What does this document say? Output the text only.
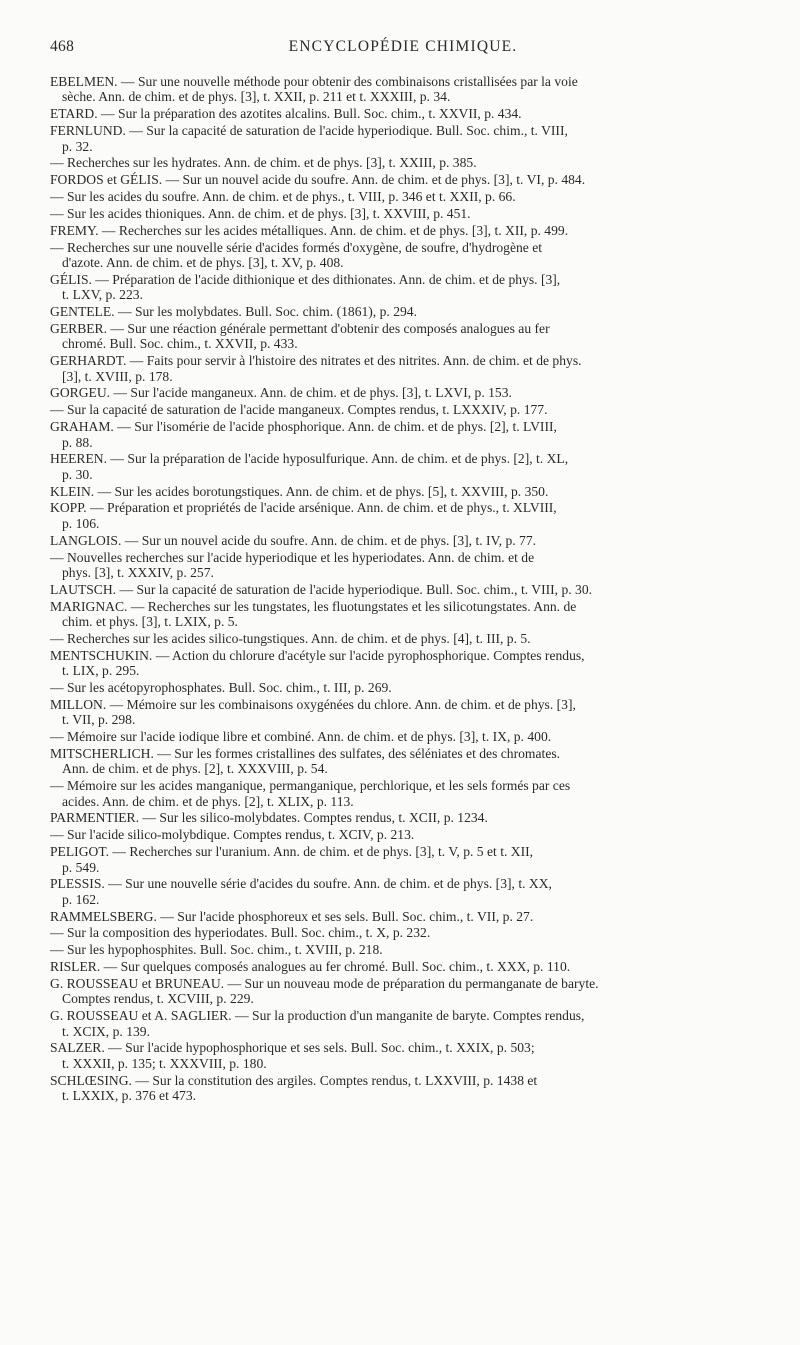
468	ENCYCLOPÉDIE CHIMIQUE.
EBELMEN. — Sur une nouvelle méthode pour obtenir des combinaisons cristallisées par la voie
sèche. Ann. de chim. et de phys. [3], t. XXII, p. 211 et t. XXXIII, p. 34.
ETARD. — Sur la préparation des azotites alcalins. Bull. Soc. chim., t. XXVII, p. 434.
FERNLUND. — Sur la capacité de saturation de l'acide hyperiodique. Bull. Soc. chim., t. VIII,
p. 32.
— Recherches sur les hydrates. Ann. de chim. et de phys. [3], t. XXIII, p. 385.
FORDOS et GÉLIS. — Sur un nouvel acide du soufre. Ann. de chim. et de phys. [3], t. VI, p. 484.
— Sur les acides du soufre. Ann. de chim. et de phys., t. VIII, p. 346 et t. XXII, p. 66.
— Sur les acides thioniques. Ann. de chim. et de phys. [3], t. XXVIII, p. 451.
FREMY. — Recherches sur les acides métalliques. Ann. de chim. et de phys. [3], t. XII, p. 499.
— Recherches sur une nouvelle série d'acides formés d'oxygène, de soufre, d'hydrogène et
d'azote. Ann. de chim. et de phys. [3], t. XV, p. 408.
GÉLIS. — Préparation de l'acide dithionique et des dithionates. Ann. de chim. et de phys. [3],
t. LXV, p. 223.
GENTELE. — Sur les molybdates. Bull. Soc. chim. (1861), p. 294.
GERBER. — Sur une réaction générale permettant d'obtenir des composés analogues au fer
chromé. Bull. Soc. chim., t. XXVII, p. 433.
GERHARDT. — Faits pour servir à l'histoire des nitrates et des nitrites. Ann. de chim. et de phys.
[3], t. XVIII, p. 178.
GORGEU. — Sur l'acide manganeux. Ann. de chim. et de phys. [3], t. LXVI, p. 153.
— Sur la capacité de saturation de l'acide manganeux. Comptes rendus, t. LXXXIV, p. 177.
GRAHAM. — Sur l'isomérie de l'acide phosphorique. Ann. de chim. et de phys. [2], t. LVIII,
p. 88.
HEEREN. — Sur la préparation de l'acide hyposulfurique. Ann. de chim. et de phys. [2], t. XL,
p. 30.
KLEIN. — Sur les acides borotungstiques. Ann. de chim. et de phys. [5], t. XXVIII, p. 350.
KOPP. — Préparation et propriétés de l'acide arsénique. Ann. de chim. et de phys., t. XLVIII,
p. 106.
LANGLOIS. — Sur un nouvel acide du soufre. Ann. de chim. et de phys. [3], t. IV, p. 77.
— Nouvelles recherches sur l'acide hyperiodique et les hyperiodates. Ann. de chim. et de
phys. [3], t. XXXIV, p. 257.
LAUTSCH. — Sur la capacité de saturation de l'acide hyperiodique. Bull. Soc. chim., t. VIII, p. 30.
MARIGNAC. — Recherches sur les tungstates, les fluotungstates et les silicotungstates. Ann. de
chim. et phys. [3], t. LXIX, p. 5.
— Recherches sur les acides silico-tungstiques. Ann. de chim. et de phys. [4], t. III, p. 5.
MENTSCHUKIN. — Action du chlorure d'acétyle sur l'acide pyrophosphorique. Comptes rendus,
t. LIX, p. 295.
— Sur les acétopyrophosphates. Bull. Soc. chim., t. III, p. 269.
MILLON. — Mémoire sur les combinaisons oxygénées du chlore. Ann. de chim. et de phys. [3],
t. VII, p. 298.
— Mémoire sur l'acide iodique libre et combiné. Ann. de chim. et de phys. [3], t. IX, p. 400.
MITSCHERLICH. — Sur les formes cristallines des sulfates, des séléniates et des chromates.
Ann. de chim. et de phys. [2], t. XXXVIII, p. 54.
— Mémoire sur les acides manganique, permanganique, perchlorique, et les sels formés par ces
acides. Ann. de chim. et de phys. [2], t. XLIX, p. 113.
PARMENTIER. — Sur les silico-molybdates. Comptes rendus, t. XCII, p. 1234.
— Sur l'acide silico-molybdique. Comptes rendus, t. XCIV, p. 213.
PELIGOT. — Recherches sur l'uranium. Ann. de chim. et de phys. [3], t. V, p. 5 et t. XII,
p. 549.
PLESSIS. — Sur une nouvelle série d'acides du soufre. Ann. de chim. et de phys. [3], t. XX,
p. 162.
RAMMELSBERG. — Sur l'acide phosphoreux et ses sels. Bull. Soc. chim., t. VII, p. 27.
— Sur la composition des hyperiodates. Bull. Soc. chim., t. X, p. 232.
— Sur les hypophosphites. Bull. Soc. chim., t. XVIII, p. 218.
RISLER. — Sur quelques composés analogues au fer chromé. Bull. Soc. chim., t. XXX, p. 110.
G. ROUSSEAU et BRUNEAU. — Sur un nouveau mode de préparation du permanganate de baryte.
Comptes rendus, t. XCVIII, p. 229.
G. ROUSSEAU et A. SAGLIER. — Sur la production d'un manganite de baryte. Comptes rendus,
t. XCIX, p. 139.
SALZER. — Sur l'acide hypophosphorique et ses sels. Bull. Soc. chim., t. XXIX, p. 503;
t. XXXII, p. 135; t. XXXVIII, p. 180.
SCHLŒSING. — Sur la constitution des argiles. Comptes rendus, t. LXXVIII, p. 1438 et
t. LXXIX, p. 376 et 473.
